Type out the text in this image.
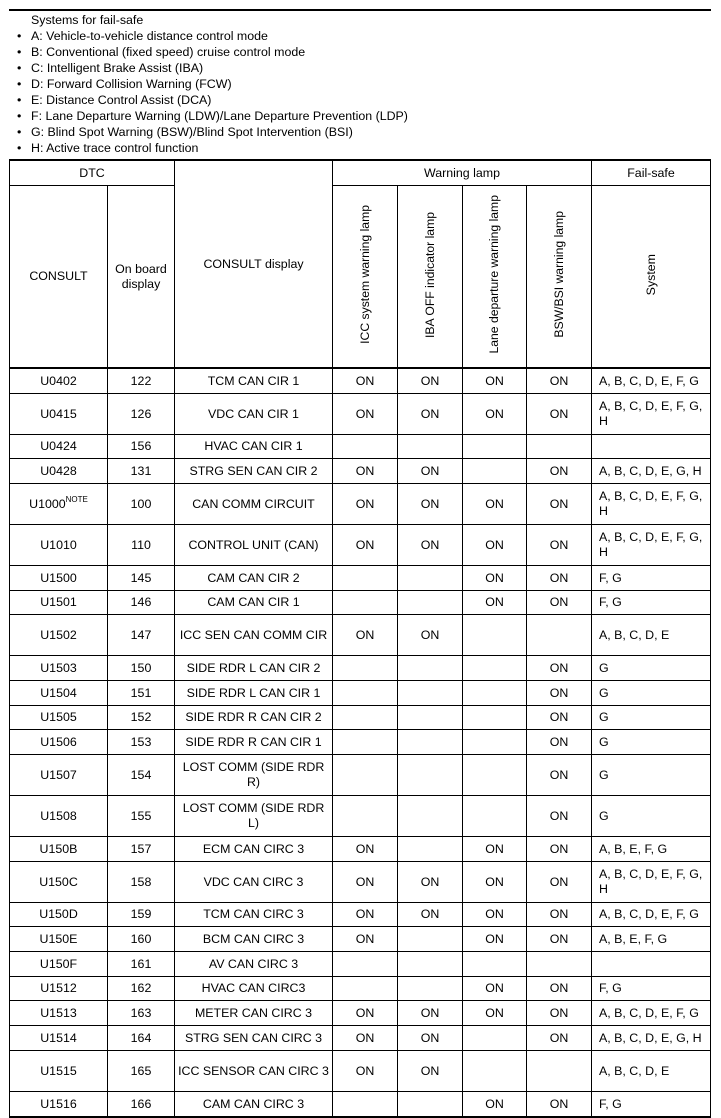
Systems for fail-safe
• A: Vehicle-to-vehicle distance control mode
• B: Conventional (fixed speed) cruise control mode
• C: Intelligent Brake Assist (IBA)
• D: Forward Collision Warning (FCW)
• E: Distance Control Assist (DCA)
• F: Lane Departure Warning (LDW)/Lane Departure Prevention (LDP)
• G: Blind Spot Warning (BSW)/Blind Spot Intervention (BSI)
• H: Active trace control function
DTC		CONSULT display	Warning lamp				Fail-safe
CONSULT	On board display		ICC system warning lamp	IBA OFF indicator lamp	Lane departure warning lamp	BSW/BSI warning lamp	System
U0402	122	TCM CAN CIR 1	ON	ON	ON	ON	A, B, C, D, E, F, G
U0415	126	VDC CAN CIR 1	ON	ON	ON	ON	A, B, C, D, E, F, G, H
U0424	156	HVAC CAN CIR 1					
U0428	131	STRG SEN CAN CIR 2	ON	ON		ON	A, B, C, D, E, G, H
$U1000^{NOTE}$	100	CAN COMM CIRCUIT	ON	ON	ON	ON	A, B, C, D, E, F, G, H
U1010	110	CONTROL UNIT (CAN)	ON	ON	ON	ON	A, B, C, D, E, F, G, H
U1500	145	CAM CAN CIR 2			ON	ON	F, G
U1501	146	CAM CAN CIR 1			ON	ON	F, G
U1502	147	ICC SEN CAN COMM CIR	ON	ON			A, B, C, D, E
U1503	150	SIDE RDR L CAN CIR 2				ON	G
U1504	151	SIDE RDR L CAN CIR 1				ON	G
U1505	152	SIDE RDR R CAN CIR 2				ON	G
U1506	153	SIDE RDR R CAN CIR 1				ON	G
U1507	154	LOST COMM (SIDE RDR R)				ON	G
U1508	155	LOST COMM (SIDE RDR L)				ON	G
U150B	157	ECM CAN CIRC 3	ON		ON	ON	A, B, E, F, G
U150C	158	VDC CAN CIRC 3	ON	ON	ON	ON	A, B, C, D, E, F, G, H
U150D	159	TCM CAN CIRC 3	ON	ON	ON	ON	A, B, C, D, E, F, G
U150E	160	BCM CAN CIRC 3	ON		ON	ON	A, B, E, F, G
U150F	161	AV CAN CIRC 3					
U1512	162	HVAC CAN CIRC3			ON	ON	F, G
U1513	163	METER CAN CIRC 3	ON	ON	ON	ON	A, B, C, D, E, F, G
U1514	164	STRG SEN CAN CIRC 3	ON	ON		ON	A, B, C, D, E, G, H
U1515	165	ICC SENSOR CAN CIRC 3	ON	ON			A, B, C, D, E
U1516	166	CAM CAN CIRC 3			ON	ON	F, G
